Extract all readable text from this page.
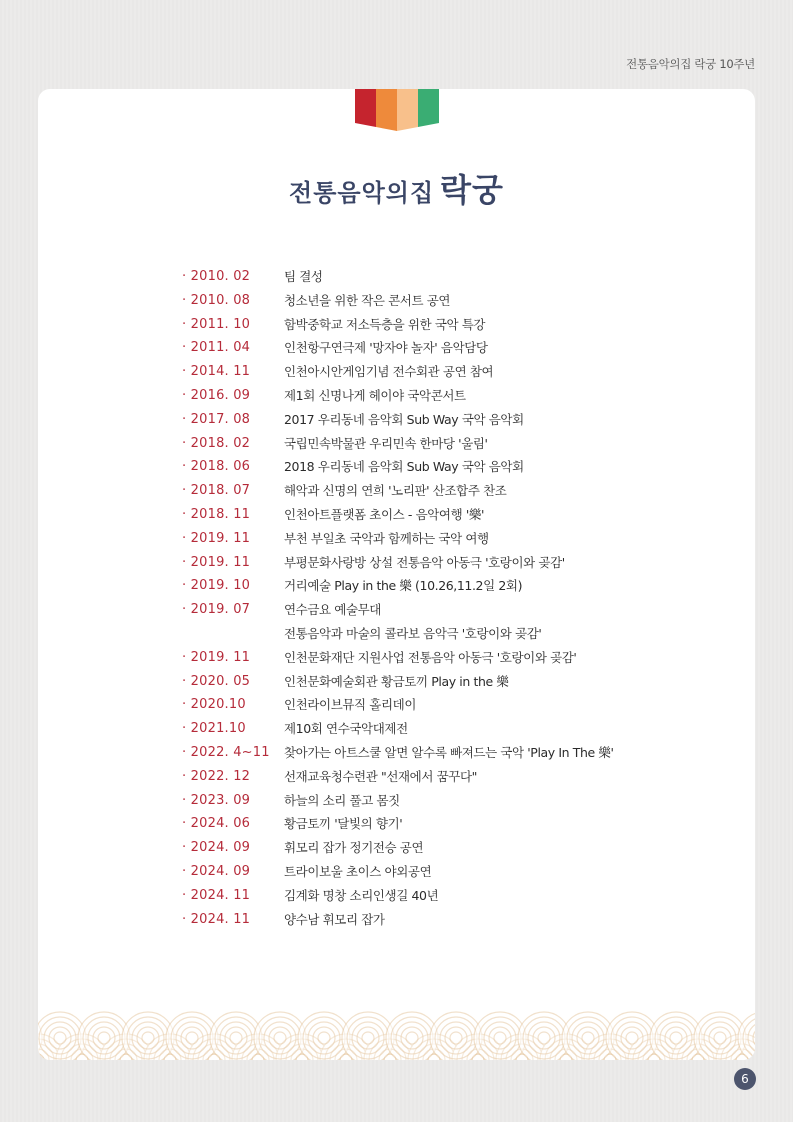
전통음악의집 락궁 10주년
전통음악의집 락궁
· 2010. 02	팀 결성
· 2010. 08	청소년을 위한 작은 콘서트 공연
· 2011. 10	함박중학교 저소득층을 위한 국악 특강
· 2011. 04	인천항구연극제 '망자야 놀자' 음악담당
· 2014. 11	인천아시안게임기념 전수회관 공연 참여
· 2016. 09	제1회 신명나게 헤이야 국악콘서트
· 2017. 08	2017 우리동네 음악회 Sub Way 국악 음악회
· 2018. 02	국립민속박물관 우리민속 한마당 '울림'
· 2018. 06	2018 우리동네 음악회 Sub Way 국악 음악회
· 2018. 07	해악과 신명의 연희 '노리판' 산조합주 찬조
· 2018. 11	인천아트플랫폼 초이스 - 음악여행 '樂'
· 2019. 11	부천 부일초 국악과 함께하는 국악 여행
· 2019. 11	부평문화사랑방 상설 전통음악 아동극 '호랑이와 곶감'
· 2019. 10	거리예술 Play in the 樂 (10.26,11.2일 2회)
· 2019. 07	연수금요 예술무대
전통음악과 마술의 콜라보 음악극 '호랑이와 곶감'
· 2019. 11	인천문화재단 지원사업 전통음악 아동극 '호랑이와 곶감'
· 2020. 05	인천문화예술회관 황금토끼 Play in the 樂
· 2020.10	인천라이브뮤직 홀리데이
· 2021.10	제10회 연수국악대제전
· 2022. 4~11	찾아가는 아트스쿨 알면 알수록 빠져드는 국악 'Play In The 樂'
· 2022. 12	선재교육청수련관 "선재에서 꿈꾸다"
· 2023. 09	하늘의 소리 풀고 몸짓
· 2024. 06	황금토끼 '달빛의 향기'
· 2024. 09	휘모리 잡가 정기전승 공연
· 2024. 09	트라이보울 초이스 야외공연
· 2024. 11	김계화 명창 소리인생길 40년
· 2024. 11	양수남 휘모리 잡가
6
